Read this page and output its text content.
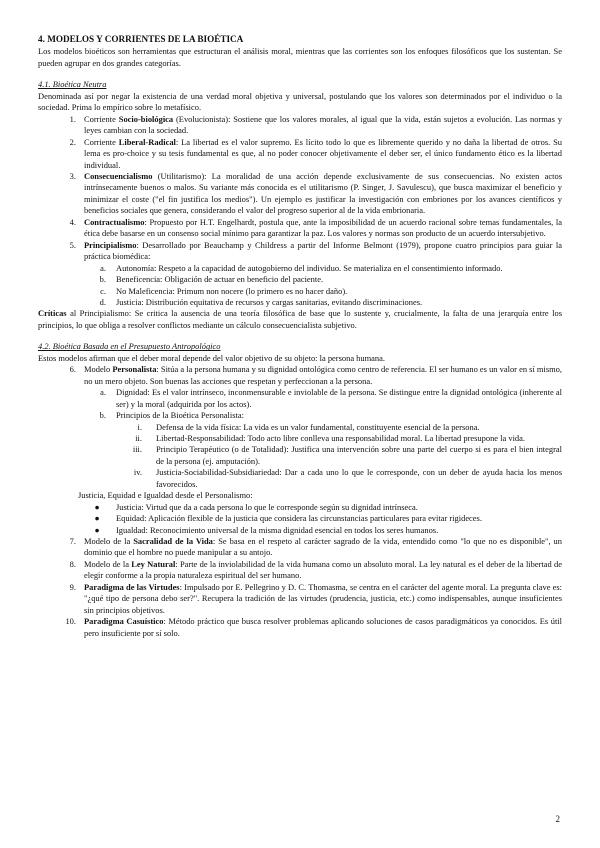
4. MODELOS Y CORRIENTES DE LA BIOÉTICA

Los modelos bioéticos son herramientas que estructuran el análisis moral, mientras que las corrientes son los enfoques filosóficos que los sustentan. Se pueden agrupar en dos grandes categorías.

4.1. Bioética Neutra

Denominada así por negar la existencia de una verdad moral objetiva y universal, postulando que los valores son determinados por el individuo o la sociedad. Prima lo empírico sobre lo metafísico.

1. Corriente Socio-biológica (Evolucionista): Sostiene que los valores morales, al igual que la vida, están sujetos a evolución. Las normas y leyes cambian con la sociedad.
2. Corriente Liberal-Radical: La libertad es el valor supremo. Es lícito todo lo que es libremente querido y no daña la libertad de otros. Su lema es pro-choice y su tesis fundamental es que, al no poder conocer objetivamente el deber ser, el único fundamento ético es la libertad individual.
3. Consecuencialismo (Utilitarismo): La moralidad de una acción depende exclusivamente de sus consecuencias. No existen actos intrínsecamente buenos o malos. Su variante más conocida es el utilitarismo (P. Singer, J. Savulescu), que busca maximizar el beneficio y minimizar el coste ("el fin justifica los medios"). Un ejemplo es justificar la investigación con embriones por los avances científicos y beneficios sociales que genera, considerando el valor del progreso superior al de la vida embrionaria.
4. Contractualismo: Propuesto por H.T. Engelhardt, postula que, ante la imposibilidad de un acuerdo racional sobre temas fundamentales, la ética debe basarse en un consenso social mínimo para garantizar la paz. Los valores y normas son producto de un acuerdo intersubjetivo.
5. Principialismo: Desarrollado por Beauchamp y Childress a partir del Informe Belmont (1979), propone cuatro principios para guiar la práctica biomédica:
a.	Autonomía: Respeto a la capacidad de autogobierno del individuo. Se materializa en el consentimiento informado.
b.	Beneficencia: Obligación de actuar en beneficio del paciente.
c.	No Maleficencia: Primum non nocere (lo primero es no hacer daño).
d.	Justicia: Distribución equitativa de recursos y cargas sanitarias, evitando discriminaciones.

Críticas al Principialismo: Se critica la ausencia de una teoría filosófica de base que lo sustente y, crucialmente, la falta de una jerarquía entre los principios, lo que obliga a resolver conflictos mediante un cálculo consecuencialista subjetivo.

4.2. Bioética Basada en el Presupuesto Antropológico

Estos modelos afirman que el deber moral depende del valor objetivo de su objeto: la persona humana.

6. Modelo Personalista: Sitúa a la persona humana y su dignidad ontológica como centro de referencia. El ser humano es un valor en sí mismo, no un mero objeto. Son buenas las acciones que respetan y perfeccionan a la persona.
a.	Dignidad: Es el valor intrínseco, inconmensurable e inviolable de la persona. Se distingue entre la dignidad ontológica (inherente al ser) y la moral (adquirida por los actos).
b.	Principios de la Bioética Personalista:
i.	Defensa de la vida física: La vida es un valor fundamental, constituyente esencial de la persona.
ii.	Libertad-Responsabilidad: Todo acto libre conlleva una responsabilidad moral. La libertad presupone la vida.
iii.	Principio Terapéutico (o de Totalidad): Justifica una intervención sobre una parte del cuerpo si es para el bien integral de la persona (ej. amputación).
iv.	Justicia-Sociabilidad-Subsidiariedad: Dar a cada uno lo que le corresponde, con un deber de ayuda hacia los menos favorecidos.

Justicia, Equidad e Igualdad desde el Personalismo:

●	Justicia: Virtud que da a cada persona lo que le corresponde según su dignidad intrínseca.
●	Equidad: Aplicación flexible de la justicia que considera las circunstancias particulares para evitar rigideces.
●	Igualdad: Reconocimiento universal de la misma dignidad esencial en todos los seres humanos.
7. Modelo de la Sacralidad de la Vida: Se basa en el respeto al carácter sagrado de la vida, entendido como "lo que no es disponible", un dominio que el hombre no puede manipular a su antojo.
8. Modelo de la Ley Natural: Parte de la inviolabilidad de la vida humana como un absoluto moral. La ley natural es el deber de la libertad de elegir conforme a la propia naturaleza espiritual del ser humano.
9. Paradigma de las Virtudes: Impulsado por E. Pellegrino y D. C. Thomasma, se centra en el carácter del agente moral. La pregunta clave es: "¿qué tipo de persona debo ser?". Recupera la tradición de las virtudes (prudencia, justicia, etc.) como indispensables, aunque insuficientes sin principios objetivos.
10. Paradigma Casuístico: Método práctico que busca resolver problemas aplicando soluciones de casos paradigmáticos ya conocidos. Es útil pero insuficiente por sí solo.
2
